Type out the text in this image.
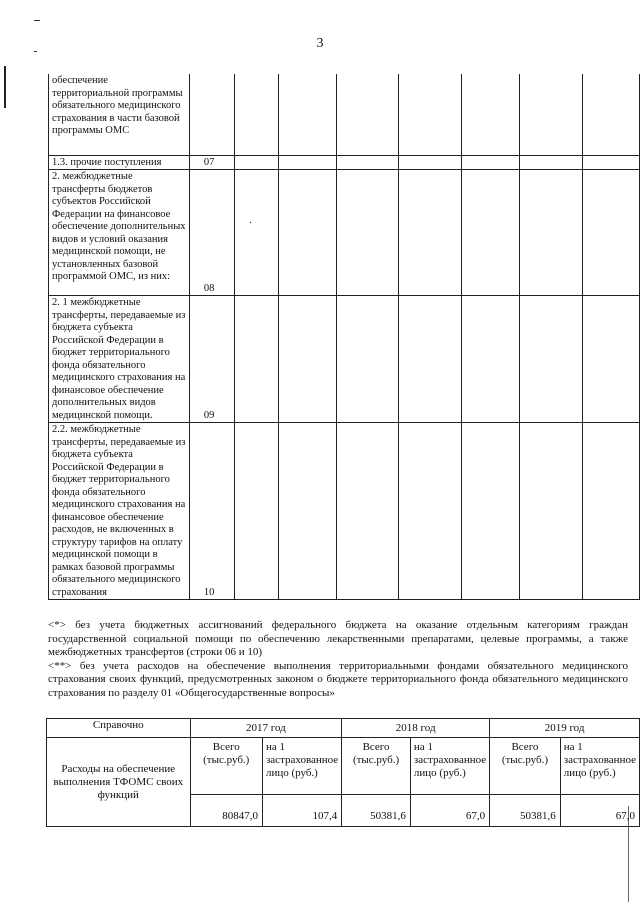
3
обеспечение территориальной программы обязательного медицинского страхования в части базовой программы ОМС								
1.3. прочие поступления	07							
2. межбюджетные трансферты бюджетов субъектов Российской Федерации на финансовое обеспечение дополнительных видов и условий оказания медицинской помощи, не установленных базовой программой ОМС, из них:	08	·						

2. 1 межбюджетные трансферты, передаваемые из бюджета субъекта Российской Федерации в бюджет территориального фонда обязательного медицинского страхования на финансовое обеспечение дополнительных видов медицинской помощи.	09							
2.2. межбюджетные трансферты, передаваемые из бюджета субъекта Российской Федерации в бюджет территориального фонда обязательного медицинского страхования на финансовое обеспечение расходов, не включенных в структуру тарифов на оплату медицинской помощи в рамках базовой программы обязательного медицинского страхования	10							

<*> без учета бюджетных ассигнований федерального бюджета на оказание отдельным категориям граждан государственной социальной помощи по обеспечению лекарственными препаратами, целевые программы, а также межбюджетных трансфертов (строки 06 и 10)

<**> без учета расходов на обеспечение выполнения территориальными фондами обязательного медицинского страхования своих функций, предусмотренных законом о бюджете территориального фонда обязательного медицинского страхования по разделу 01 «Общегосударственные вопросы»

Справочно	2017 год		2018 год		2019 год	
Расходы на обеспечение выполнения ТФОМС своих функций	Всего (тыс.руб.)	на 1 застрахованное лицо (руб.)	Всего (тыс.руб.)	на 1 застрахованное лицо (руб.)	Всего (тыс.руб.)	на 1 застрахованное лицо (руб.)
	80847,0	107,4	50381,6	67,0	50381,6	67,0
